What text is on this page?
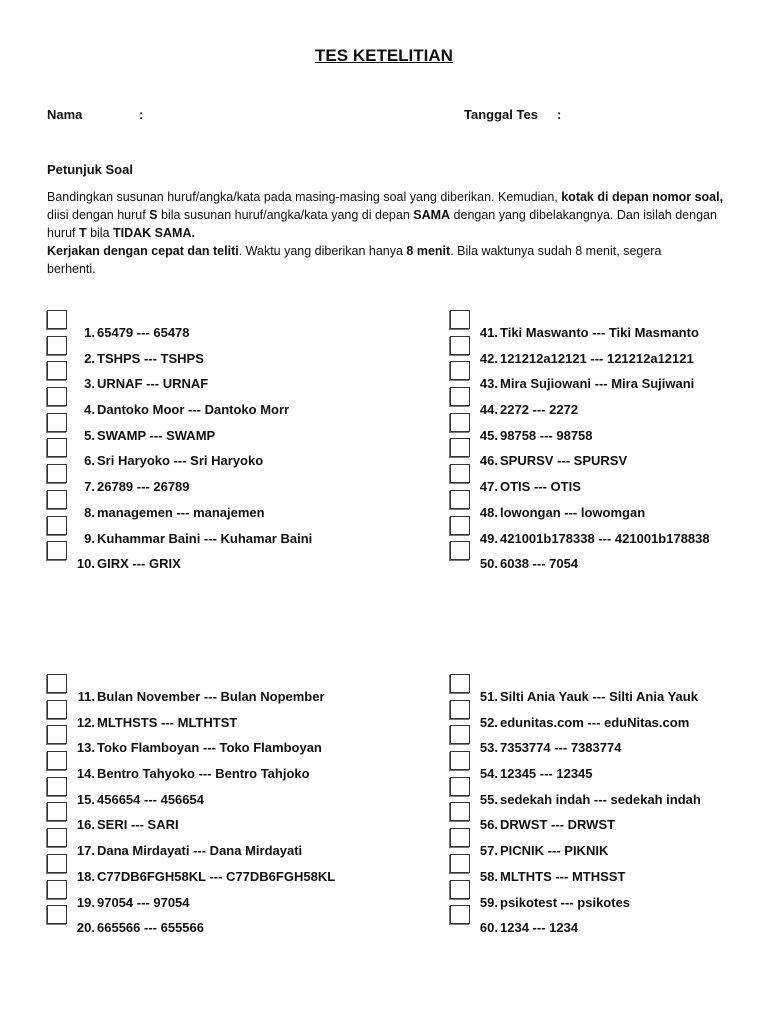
TES KETELITIAN
Nama	:	Tanggal Tes :
Petunjuk Soal

Bandingkan susunan huruf/angka/kata pada masing-masing soal yang diberikan. Kemudian, kotak di depan nomor soal, diisi dengan huruf S bila susunan huruf/angka/kata yang di depan SAMA dengan yang dibelakangnya. Dan isilah dengan huruf T bila TIDAK SAMA.

Kerjakan dengan cepat dan teliti. Waktu yang diberikan hanya 8 menit. Bila waktunya sudah 8 menit, segera
berhenti.

1. 65479 --- 65478
2. TSHPS --- TSHPS
3. URNAF --- URNAF
4. Dantoko Moor --- Dantoko Morr
5. SWAMP --- SWAMP
6. Sri Haryoko --- Sri Haryoko
7. 26789 --- 26789
8. managemen --- manajemen
9. Kuhammar Baini --- Kuhamar Baini
10. GIRX --- GRIX
41. Tiki Maswanto --- Tiki Masmanto
42. 121212a12121 --- 121212a12121
43. Mira Sujiowani --- Mira Sujiwani
44. 2272 --- 2272
45. 98758 --- 98758
46. SPURSV --- SPURSV
47. OTIS --- OTIS
48. lowongan --- lowomgan
49. 421001b178338 --- 421001b178838
50. 6038 --- 7054
11. Bulan November --- Bulan Nopember
12. MLTHSTS --- MLTHTST
13. Toko Flamboyan --- Toko Flamboyan
14. Bentro Tahyoko --- Bentro Tahjoko
15. 456654 --- 456654
16. SERI --- SARI
17. Dana Mirdayati --- Dana Mirdayati
18. C77DB6FGH58KL --- C77DB6FGH58KL
19. 97054 --- 97054
20. 665566 --- 655566
51. Silti Ania Yauk --- Silti Ania Yauk
52. edunitas.com --- eduNitas.com
53. 7353774 --- 7383774
54. 12345 --- 12345
55. sedekah indah --- sedekah indah
56. DRWST --- DRWST
57. PICNIK --- PIKNIK
58. MLTHTS --- MTHSST
59. psikotest --- psikotes
60. 1234 --- 1234
